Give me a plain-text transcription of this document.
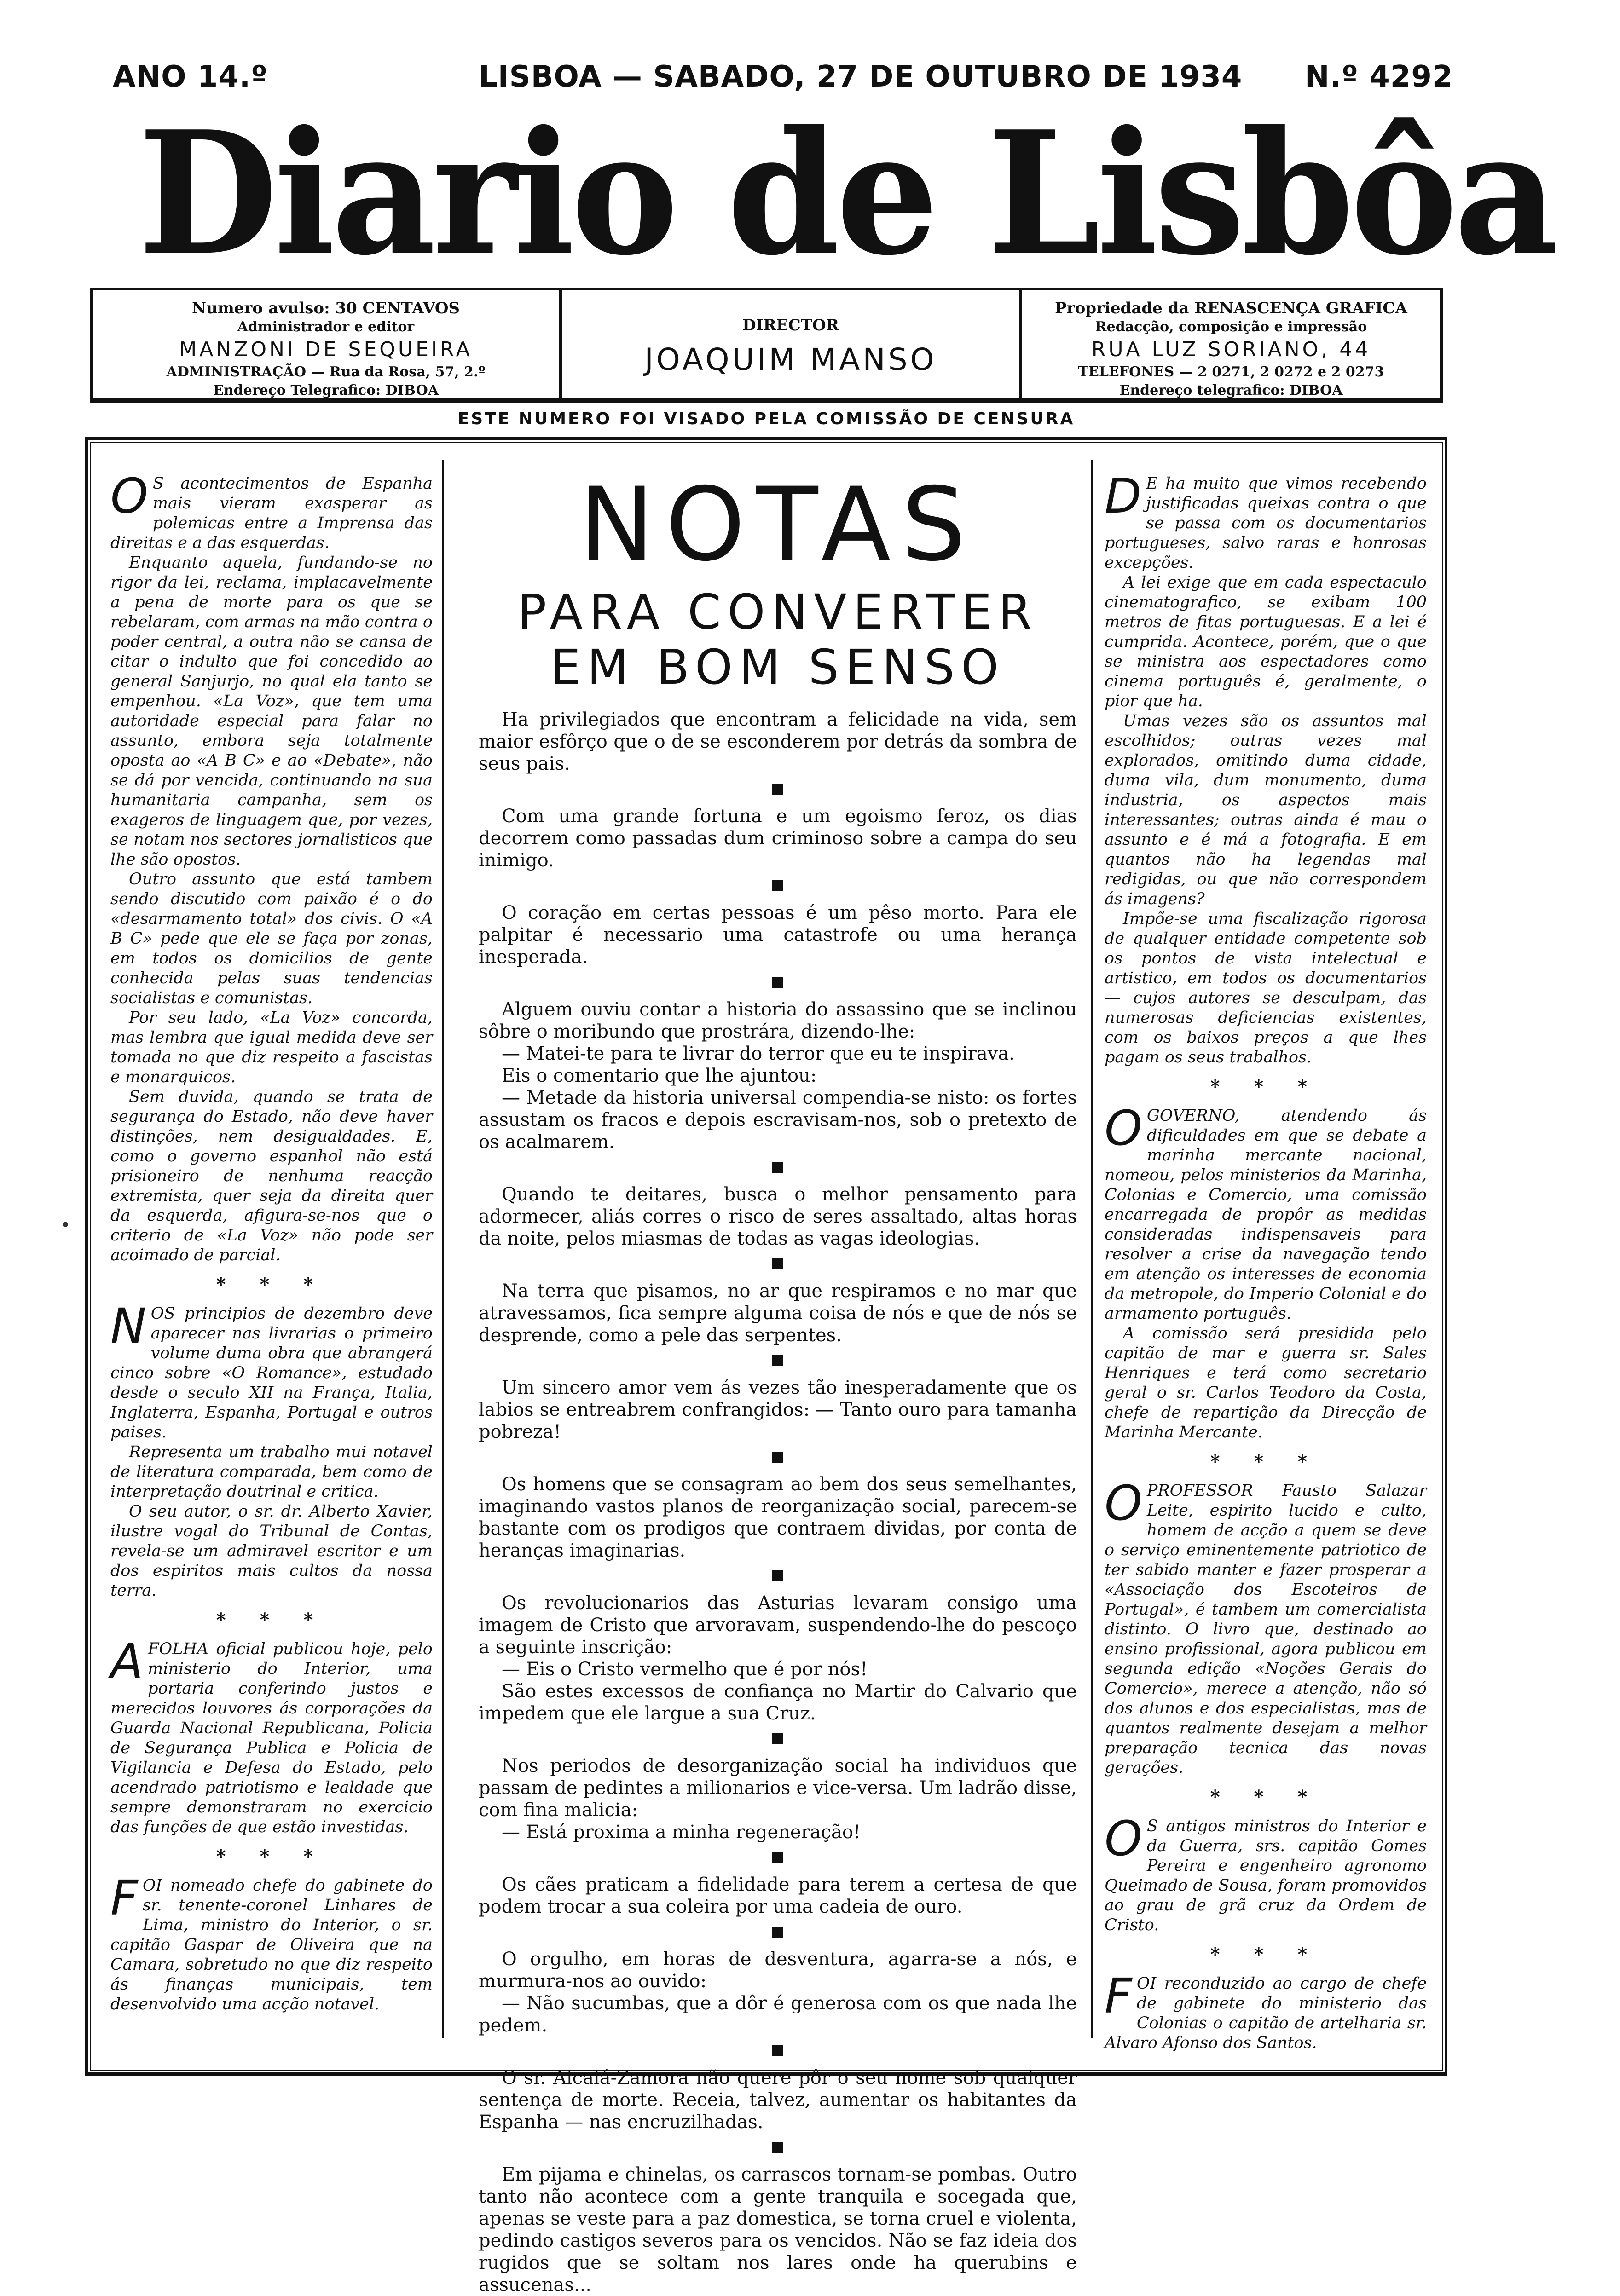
ANO 14.º	LISBOA — SABADO, 27 DE OUTUBRO DE 1934 N.º 4292
Diario de Lisbôa
Numero avulso: 30 CENTAVOS
Administrador e editor
MANZONI DE SEQUEIRA
ADMINISTRAÇÃO — Rua da Rosa, 57, 2.º
Endereço Telegrafico: DIBOA
DIRECTOR
JOAQUIM MANSO
Propriedade da RENASCENÇA GRAFICA
Redacção, composição e impressão
RUA LUZ SORIANO, 44
TELEFONES — 2 0271, 2 0272 e 2 0273
Endereço telegrafico: DIBOA
ESTE NUMERO FOI VISADO PELA COMISSÃO DE CENSURA
•

O S acontecimentos de Espanha mais vieram exasperar as polemicas entre a Imprensa das direitas e a das esquerdas.

Enquanto aquela, fundando-se no rigor da lei, reclama, implacavelmente a pena de morte para os que se rebelaram, com armas na mão contra o poder central, a outra não se cansa de citar o indulto que foi concedido ao general Sanjurjo, no qual ela tanto se empenhou. «La Voz», que tem uma autoridade especial para falar no assunto, embora seja totalmente oposta ao «A B C» e ao «Debate», não se dá por vencida, continuando na sua humanitaria campanha, sem os exageros de linguagem que, por vezes, se notam nos sectores jornalisticos que lhe são opostos.

Outro assunto que está tambem sendo discutido com paixão é o do «desarmamento total» dos civis. O «A B C» pede que ele se faça por zonas, em todos os domicilios de gente conhecida pelas suas tendencias socialistas e comunistas.

Por seu lado, «La Voz» concorda, mas lembra que igual medida deve ser tomada no que diz respeito a fascistas e monarquicos.

Sem duvida, quando se trata de segurança do Estado, não deve haver distinções, nem desigualdades. E, como o governo espanhol não está prisioneiro de nenhuma reacção extremista, quer seja da direita quer da esquerda, afigura-se-nos que o criterio de «La Voz» não pode ser acoimado de parcial.

* * *

NOS principios de dezembro deve aparecer nas livrarias o primeiro volume duma obra que abrangerá cinco sobre «O Romance», estudado desde o seculo XII na França, Italia, Inglaterra, Espanha, Portugal e outros paises.

Representa um trabalho mui notavel de literatura comparada, bem como de interpretação doutrinal e critica.

O seu autor, o sr. dr. Alberto Xavier, ilustre vogal do Tribunal de Contas, revela-se um admiravel escritor e um dos espiritos mais cultos da nossa terra.

* * *

AFOLHA oficial publicou hoje, pelo ministerio do Interior, uma portaria conferindo justos e merecidos louvores ás corporações da Guarda Nacional Republicana, Policia de Segurança Publica e Policia de Vigilancia e Defesa do Estado, pelo acendrado patriotismo e lealdade que sempre demonstraram no exercicio das funções de que estão investidas.

* * *

FOI nomeado chefe do gabinete do sr. tenente-coronel Linhares de Lima, ministro do Interior, o sr. capitão Gaspar de Oliveira que na Camara, sobretudo no que diz respeito ás finanças municipais, tem desenvolvido uma acção notavel.

NOTAS
PARA CONVERTER
EM BOM SENSO

Ha privilegiados que encontram a felicidade na vida, sem maior esfôrço que o de se esconderem por detrás da sombra de seus pais.

Com uma grande fortuna e um egoismo feroz, os dias decorrem como passadas dum criminoso sobre a campa do seu inimigo.

O coração em certas pessoas é um pêso morto. Para ele palpitar é necessario uma catastrofe ou uma herança inesperada.

Alguem ouviu contar a historia do assassino que se inclinou sôbre o moribundo que prostrára, dizendo-lhe:

— Matei-te para te livrar do terror que eu te inspirava.

Eis o comentario que lhe ajuntou:

— Metade da historia universal compendia-se nisto: os fortes assustam os fracos e depois escravisam-nos, sob o pretexto de os acalmarem.

Quando te deitares, busca o melhor pensamento para adormecer, aliás corres o risco de seres assaltado, altas horas da noite, pelos miasmas de todas as vagas ideologias.

Na terra que pisamos, no ar que respiramos e no mar que atravessamos, fica sempre alguma coisa de nós e que de nós se desprende, como a pele das serpentes.

Um sincero amor vem ás vezes tão inesperadamente que os labios se entreabrem confrangidos: — Tanto ouro para tamanha pobreza!

Os homens que se consagram ao bem dos seus semelhantes, imaginando vastos planos de reorganização social, parecem-se bastante com os prodigos que contraem dividas, por conta de heranças imaginarias.

Os revolucionarios das Asturias levaram consigo uma imagem de Cristo que arvoravam, suspendendo-lhe do pescoço a seguinte inscrição:

— Eis o Cristo vermelho que é por nós!

São estes excessos de confiança no Martir do Calvario que impedem que ele largue a sua Cruz.

Nos periodos de desorganização social ha individuos que passam de pedintes a milionarios e vice-versa. Um ladrão disse, com fina malicia:

— Está proxima a minha regeneração!

Os cães praticam a fidelidade para terem a certesa de que podem trocar a sua coleira por uma cadeia de ouro.

O orgulho, em horas de desventura, agarra-se a nós, e murmura-nos ao ouvido:

— Não sucumbas, que a dôr é generosa com os que nada lhe pedem.

O sr. Alcalá-Zamora não quere pôr o seu nome sob qualquer sentença de morte. Receia, talvez, aumentar os habitantes da Espanha — nas encruzilhadas.

Em pijama e chinelas, os carrascos tornam-se pombas. Outro tanto não acontece com a gente tranquila e socegada que, apenas se veste para a paz domestica, se torna cruel e violenta, pedindo castigos severos para os vencidos. Não se faz ideia dos rugidos que se soltam nos lares onde ha querubins e assucenas...

D E ha muito que vimos recebendo justificadas queixas contra o que se passa com os documentarios portugueses, salvo raras e honrosas excepções.

A lei exige que em cada espectaculo cinematografico, se exibam 100 metros de fitas portuguesas. E a lei é cumprida. Acontece, porém, que o que se ministra aos espectadores como cinema português é, geralmente, o pior que ha.

Umas vezes são os assuntos mal escolhidos; outras vezes mal explorados, omitindo duma cidade, duma vila, dum monumento, duma industria, os aspectos mais interessantes; outras ainda é mau o assunto e é má a fotografia. E em quantos não ha legendas mal redigidas, ou que não correspondem ás imagens?

Impõe-se uma fiscalização rigorosa de qualquer entidade competente sob os pontos de vista intelectual e artistico, em todos os documentarios — cujos autores se desculpam, das numerosas deficiencias existentes, com os baixos preços a que lhes pagam os seus trabalhos.

* * *

OGOVERNO, atendendo ás dificuldades em que se debate a marinha mercante nacional, nomeou, pelos ministerios da Marinha, Colonias e Comercio, uma comissão encarregada de propôr as medidas consideradas indispensaveis para resolver a crise da navegação tendo em atenção os interesses de economia da metropole, do Imperio Colonial e do armamento português.

A comissão será presidida pelo capitão de mar e guerra sr. Sales Henriques e terá como secretario geral o sr. Carlos Teodoro da Costa, chefe de repartição da Direcção de Marinha Mercante.

* * *

OPROFESSOR Fausto Salazar Leite, espirito lucido e culto, homem de acção a quem se deve o serviço eminentemente patriotico de ter sabido manter e fazer prosperar a «Associação dos Escoteiros de Portugal», é tambem um comercialista distinto. O livro que, destinado ao ensino profissional, agora publicou em segunda edição «Noções Gerais do Comercio», merece a atenção, não só dos alunos e dos especialistas, mas de quantos realmente desejam a melhor preparação tecnica das novas gerações.

* * *

O S antigos ministros do Interior e da Guerra, srs. capitão Gomes Pereira e engenheiro agronomo Queimado de Sousa, foram promovidos ao grau de grã cruz da Ordem de Cristo.

* * *

FOI reconduzido ao cargo de chefe de gabinete do ministerio das Colonias o capitão de artelharia sr. Alvaro Afonso dos Santos.
